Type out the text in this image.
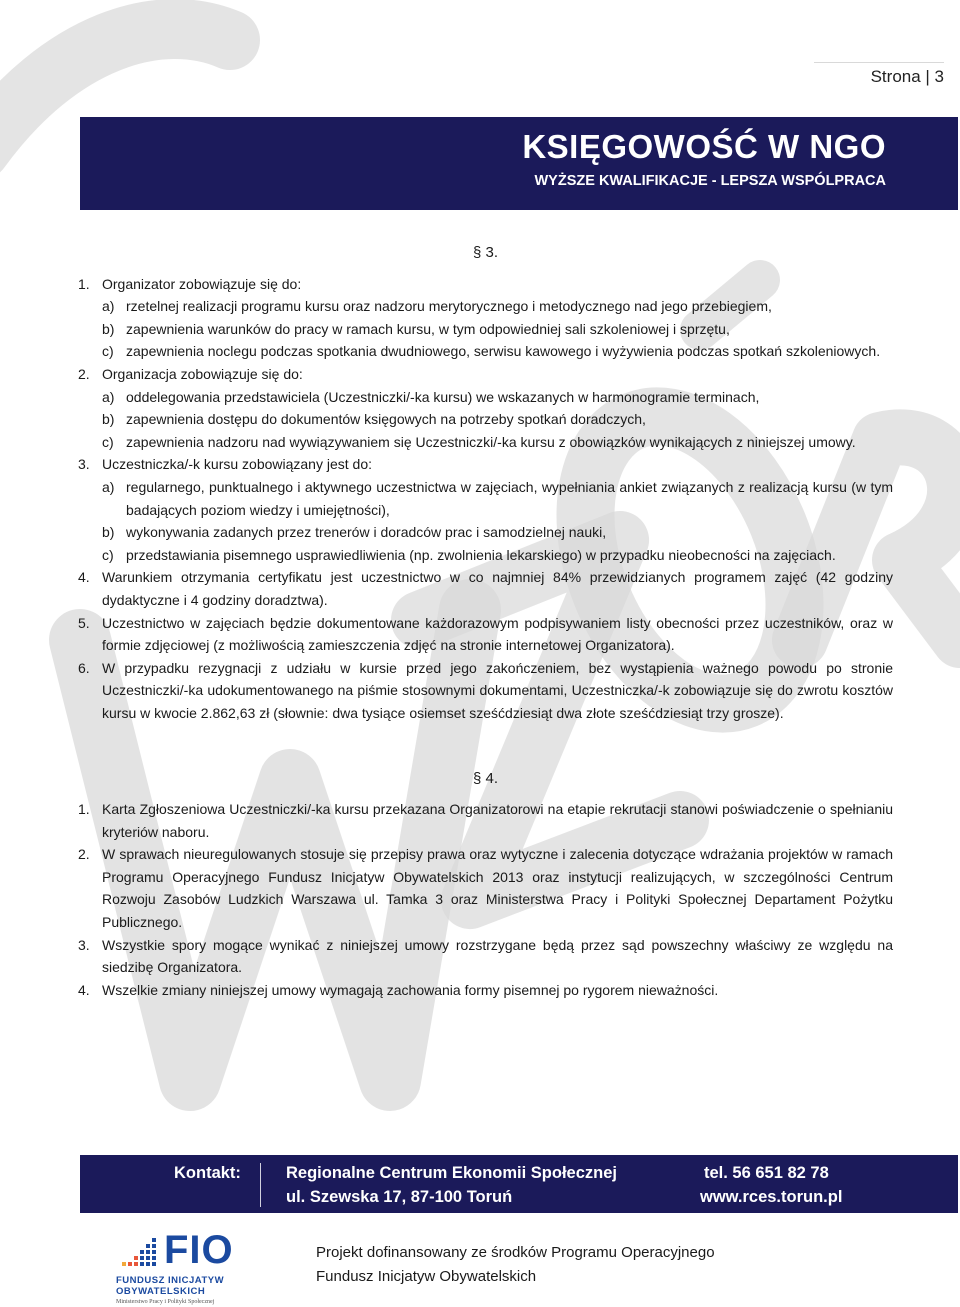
Strona | 3
KSIĘGOWOŚĆ W NGO
WYŻSZE KWALIFIKACJE - LEPSZA WSPÓLPRACA
§ 3.
1. Organizator zobowiązuje się do:
a) rzetelnej realizacji programu kursu oraz nadzoru merytorycznego i metodycznego nad jego przebiegiem,
b) zapewnienia warunków do pracy w ramach kursu, w tym odpowiedniej sali szkoleniowej i sprzętu,
c) zapewnienia noclegu podczas spotkania dwudniowego, serwisu kawowego i wyżywienia podczas spotkań szkoleniowych.
2. Organizacja zobowiązuje się do:
a) oddelegowania przedstawiciela (Uczestniczki/-ka kursu) we wskazanych w harmonogramie terminach,
b) zapewnienia dostępu do dokumentów księgowych na potrzeby spotkań doradczych,
c) zapewnienia nadzoru nad wywiązywaniem się Uczestniczki/-ka kursu z obowiązków wynikających z niniejszej umowy.
3. Uczestniczka/-k kursu zobowiązany jest do:
a) regularnego, punktualnego i aktywnego uczestnictwa w zajęciach, wypełniania ankiet związanych z realizacją kursu (w tym badających poziom wiedzy i umiejętności),
b) wykonywania zadanych przez trenerów i doradców prac i samodzielnej nauki,
c) przedstawiania pisemnego usprawiedliwienia (np. zwolnienia lekarskiego) w przypadku nieobecności na zajęciach.
4. Warunkiem otrzymania certyfikatu jest uczestnictwo w co najmniej 84% przewidzianych programem zajęć (42 godziny dydaktyczne i 4 godziny doradztwa).
5. Uczestnictwo w zajęciach będzie dokumentowane każdorazowym podpisywaniem listy obecności przez uczestników, oraz w formie zdjęciowej (z możliwością zamieszczenia zdjęć na stronie internetowej Organizatora).
6. W przypadku rezygnacji z udziału w kursie przed jego zakończeniem, bez wystąpienia ważnego powodu po stronie Uczestniczki/-ka udokumentowanego na piśmie stosownymi dokumentami, Uczestniczka/-k zobowiązuje się do zwrotu kosztów kursu w kwocie 2.862,63 zł (słownie: dwa tysiące osiemset sześćdziesiąt dwa złote sześćdziesiąt trzy grosze).
§ 4.
1. Karta Zgłoszeniowa Uczestniczki/-ka kursu przekazana Organizatorowi na etapie rekrutacji stanowi poświadczenie o spełnianiu kryteriów naboru.
2. W sprawach nieuregulowanych stosuje się przepisy prawa oraz wytyczne i zalecenia dotyczące wdrażania projektów w ramach Programu Operacyjnego Fundusz Inicjatyw Obywatelskich 2013 oraz instytucji realizujących, w szczególności Centrum Rozwoju Zasobów Ludzkich Warszawa ul. Tamka 3 oraz Ministerstwa Pracy i Polityki Społecznej Departament Pożytku Publicznego.
3. Wszystkie spory mogące wynikać z niniejszej umowy rozstrzygane będą przez sąd powszechny właściwy ze względu na siedzibę Organizatora.
4. Wszelkie zmiany niniejszej umowy wymagają zachowania formy pisemnej po rygorem nieważności.
Kontakt:	Regionalne Centrum Ekonomii Społecznej
ul. Szewska 17, 87-100 Toruń
tel. 56 651 82 78
www.rces.torun.pl
FIO
FUNDUSZ INICJATYW
OBYWATELSKICH
Ministerstwo Pracy i Polityki Społecznej
Projekt dofinansowany ze środków Programu Operacyjnego
Fundusz Inicjatyw Obywatelskich
